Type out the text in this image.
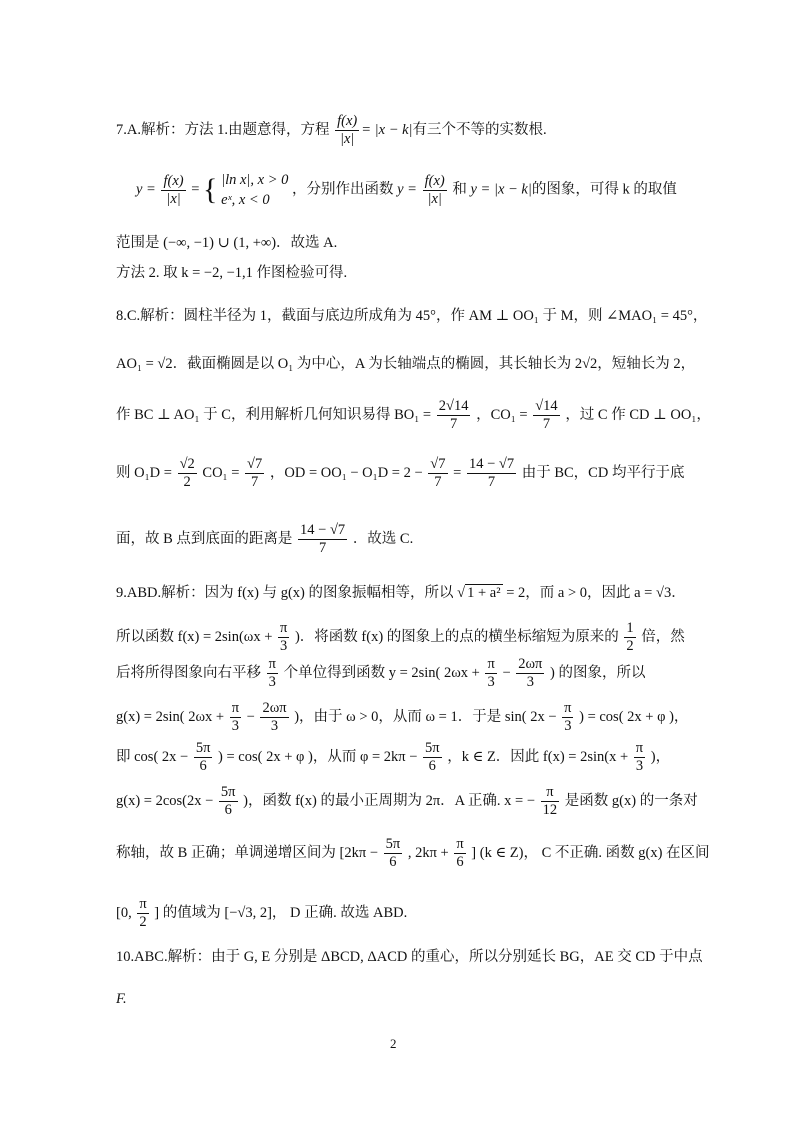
7.A.解析：方法 1.由题意得，方程 $\frac{f(x)}{|x|} = |x - k|$有三个不等的实数根.
$y = \frac{f(x)}{|x|}$ = { |ln x|, x > 0
eˣ, x < 0
，分别作出函数 $y = \frac{f(x)}{|x|}$ 和 y = |x − k|的图象，可得 k 的取值
范围是 (−∞, −1) ∪ (1, +∞)．故选 A.
方法 2. 取 k = −2, −1,1 作图检验可得.
8.C.解析：圆柱半径为 1，截面与底边所成角为 45°，作 AM ⊥ OO₁ 于 M，则 ∠MAO₁ = 45°，
AO₁ = √2．截面椭圆是以 O₁ 为中心，A 为长轴端点的椭圆，其长轴长为 2√2，短轴长为 2，
作 BC ⊥ AO₁ 于 C，利用解析几何知识易得 $BO_1 = \frac{2√14}{7}$ ，$CO_1 = \frac{√14}{7}$ ，过 C 作 CD ⊥ OO₁，
则 $O_1D = \frac{√2}{2} CO_1 = \frac{√7}{7}$ ，OD = $OO_1 - O_1D = 2 - \frac{√7}{7} = \frac{14 - √7}{7}$ 由于 BC，CD 均平行于底
面，故 B 点到底面的距离是 $\frac{14 - √7}{7}$ ．故选 C.
9.ABD.解析：因为 f(x) 与 g(x) 的图象振幅相等，所以 √ 1 + a² = 2，而 a > 0，因此 a = √3．
所以函数 $f(x) = 2\sin(\omega x + \frac{\pi}{3}$ )．将函数 f(x) 的图象上的点的横坐标缩短为原来的 $\frac{1}{2}$ 倍，然
后将所得图象向右平移 $\frac{\pi}{3}$ 个单位得到函数 y = 2sin( $2\omega x + \frac{\pi}{3} - \frac{2\omega\pi}{3}$ ) 的图象，所以
g(x) = 2sin( $2\omega x + \frac{\pi}{3} - \frac{2\omega\pi}{3}$ )，由于 ω > 0，从而 ω = 1．于是 sin( $2x - \frac{\pi}{3}$ ) = cos( 2x + φ )，
即 cos( $2x - \frac{5\pi}{6}$ ) = cos( 2x + φ )，从而 $\varphi = 2k\pi - \frac{5\pi}{6}$ ，k ∈ Z．因此 $f(x) = 2\sin(x + \frac{\pi}{3}$ )，
$g(x) = 2\cos(2x - \frac{5\pi}{6}$ )，函数 f(x) 的最小正周期为 2π．A 正确. x = − $\frac{\pi}{12}$ 是函数 g(x) 的一条对
称轴，故 B 正确；单调递增区间为 [$2k\pi - \frac{5\pi}{6}$ , $2k\pi + \frac{\pi}{6}$ ] (k ∈ Z)， C 不正确. 函数 g(x) 在区间
[0, $\frac{\pi}{2}$ ] 的值域为 [−√3, 2]， D 正确. 故选 ABD.
10.ABC.解析：由于 G, E 分别是 ΔBCD, ΔACD 的重心，所以分别延长 BG，AE 交 CD 于中点
F.
2
